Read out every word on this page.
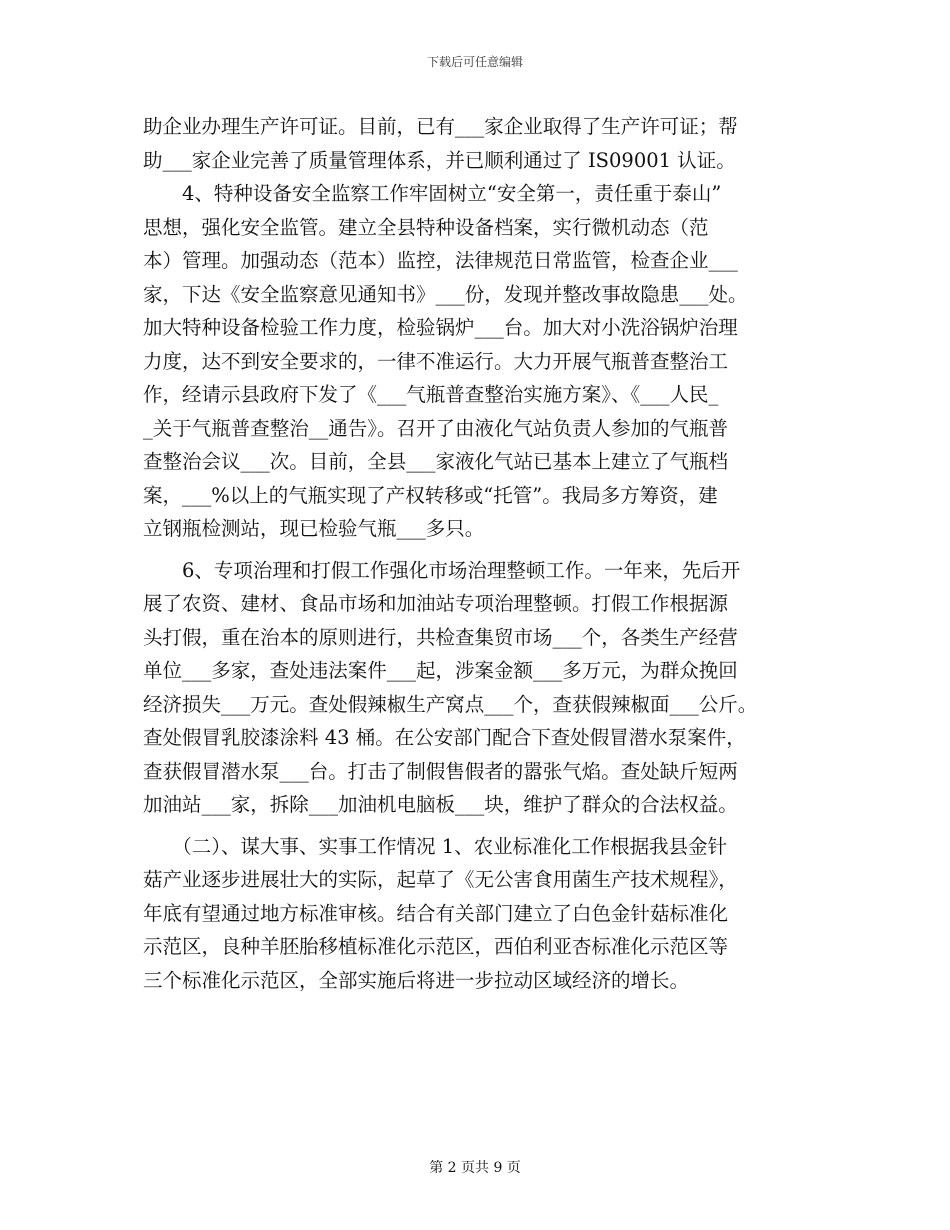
下载后可任意编辑
助企业办理生产许可证。目前，已有___家企业取得了生产许可证；帮
助___家企业完善了质量管理体系，并已顺利通过了 IS09001 认证。
　　4、特种设备安全监察工作牢固树立“安全第一，责任重于泰山”
思想，强化安全监管。建立全县特种设备档案，实行微机动态（范
本）管理。加强动态（范本）监控，法律规范日常监管，检查企业___
家，下达《安全监察意见通知书》___份，发现并整改事故隐患___处。
加大特种设备检验工作力度，检验锅炉___台。加大对小洗浴锅炉治理
力度，达不到安全要求的，一律不准运行。大力开展气瓶普查整治工
作，经请示县政府下发了《___气瓶普查整治实施方案》、《___人民_
_关于气瓶普查整治__通告》。召开了由液化气站负责人参加的气瓶普
查整治会议___次。目前，全县___家液化气站已基本上建立了气瓶档
案，___%以上的气瓶实现了产权转移或“托管”。我局多方筹资，建
立钢瓶检测站，现已检验气瓶___多只。
　　6、专项治理和打假工作强化市场治理整顿工作。一年来，先后开
展了农资、建材、食品市场和加油站专项治理整顿。打假工作根据源
头打假，重在治本的原则进行，共检查集贸市场___个，各类生产经营
单位___多家，查处违法案件___起，涉案金额___多万元，为群众挽回
经济损失___万元。查处假辣椒生产窝点___个，查获假辣椒面___公斤。
查处假冒乳胶漆涂料 43 桶。在公安部门配合下查处假冒潜水泵案件，
查获假冒潜水泵___台。打击了制假售假者的嚣张气焰。查处缺斤短两
加油站___家，拆除___加油机电脑板___块，维护了群众的合法权益。
　　（二）、谋大事、实事工作情况 1、农业标准化工作根据我县金针
菇产业逐步进展壮大的实际，起草了《无公害食用菌生产技术规程》，
年底有望通过地方标准审核。结合有关部门建立了白色金针菇标准化
示范区，良种羊胚胎移植标准化示范区，西伯利亚杏标准化示范区等
三个标准化示范区，全部实施后将进一步拉动区域经济的增长。
第 2 页共 9 页
